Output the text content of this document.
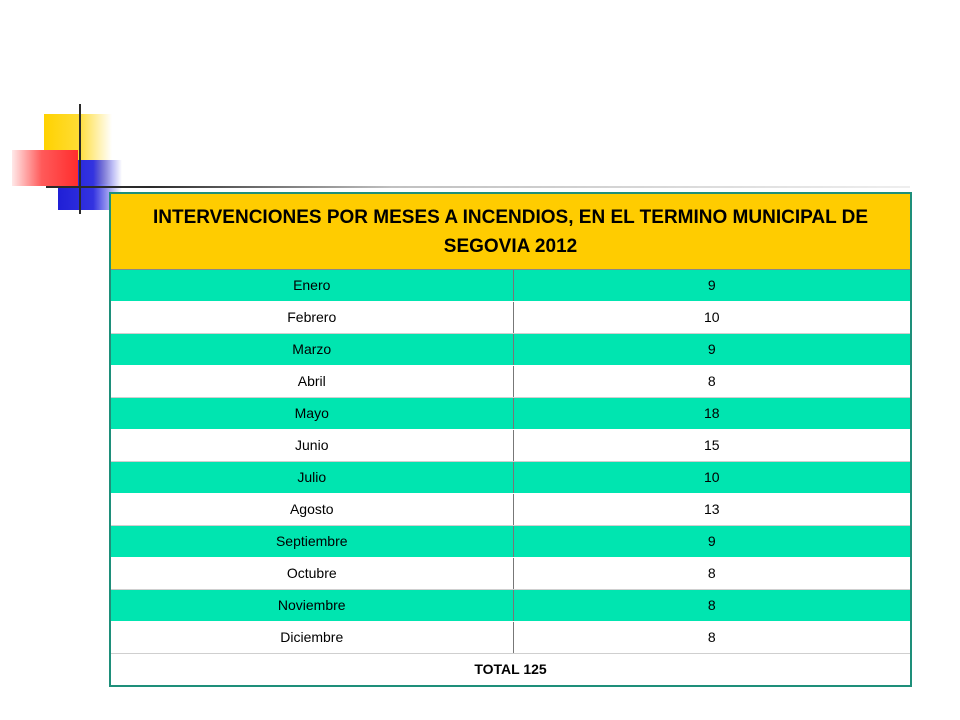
INTERVENCIONES POR MESES A INCENDIOS, EN EL TERMINO MUNICIPAL DE SEGOVIA 2012	
Enero	9
Febrero	10
Marzo	9
Abril	8
Mayo	18
Junio	15
Julio	10
Agosto	13
Septiembre	9
Octubre	8
Noviembre	8
Diciembre	8
TOTAL 125	
